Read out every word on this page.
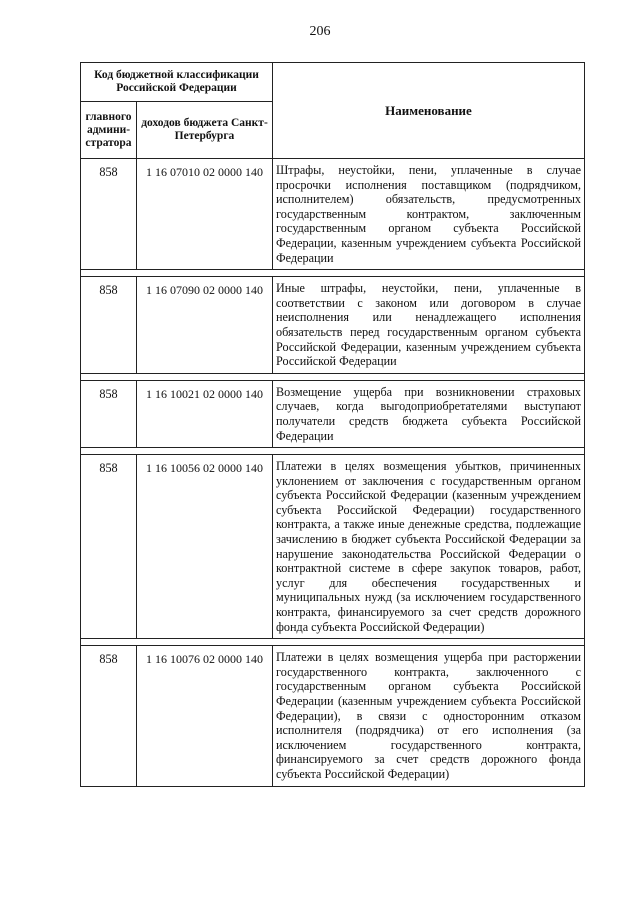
206
Код бюджетной классификации Российской Федерации		Наименование
главного админи-стратора	доходов бюджета Санкт-Петербурга	
858	1 16 07010 02 0000 140	Штрафы, неустойки, пени, уплаченные в случае просрочки исполнения поставщиком (подрядчиком, исполнителем) обязательств, предусмотренных государственным контрактом, заключенным государственным органом субъекта Российской Федерации, казенным учреждением субъекта Российской Федерации

858	1 16 07090 02 0000 140	Иные штрафы, неустойки, пени, уплаченные в соответствии с законом или договором в случае неисполнения или ненадлежащего исполнения обязательств перед государственным органом субъекта Российской Федерации, казенным учреждением субъекта Российской Федерации

858	1 16 10021 02 0000 140	Возмещение ущерба при возникновении страховых случаев, когда выгодоприобретателями выступают получатели средств бюджета субъекта Российской Федерации

858	1 16 10056 02 0000 140	Платежи в целях возмещения убытков, причиненных уклонением от заключения с государственным органом субъекта Российской Федерации (казенным учреждением субъекта Российской Федерации) государственного контракта, а также иные денежные средства, подлежащие зачислению в бюджет субъекта Российской Федерации за нарушение законодательства Российской Федерации о контрактной системе в сфере закупок товаров, работ, услуг для обеспечения государственных и муниципальных нужд (за исключением государственного контракта, финансируемого за счет средств дорожного фонда субъекта Российской Федерации)

858	1 16 10076 02 0000 140	Платежи в целях возмещения ущерба при расторжении государственного контракта, заключенного с государственным органом субъекта Российской Федерации (казенным учреждением субъекта Российской Федерации), в связи с односторонним отказом исполнителя (подрядчика) от его исполнения (за исключением государственного контракта, финансируемого за счет средств дорожного фонда субъекта Российской Федерации)
